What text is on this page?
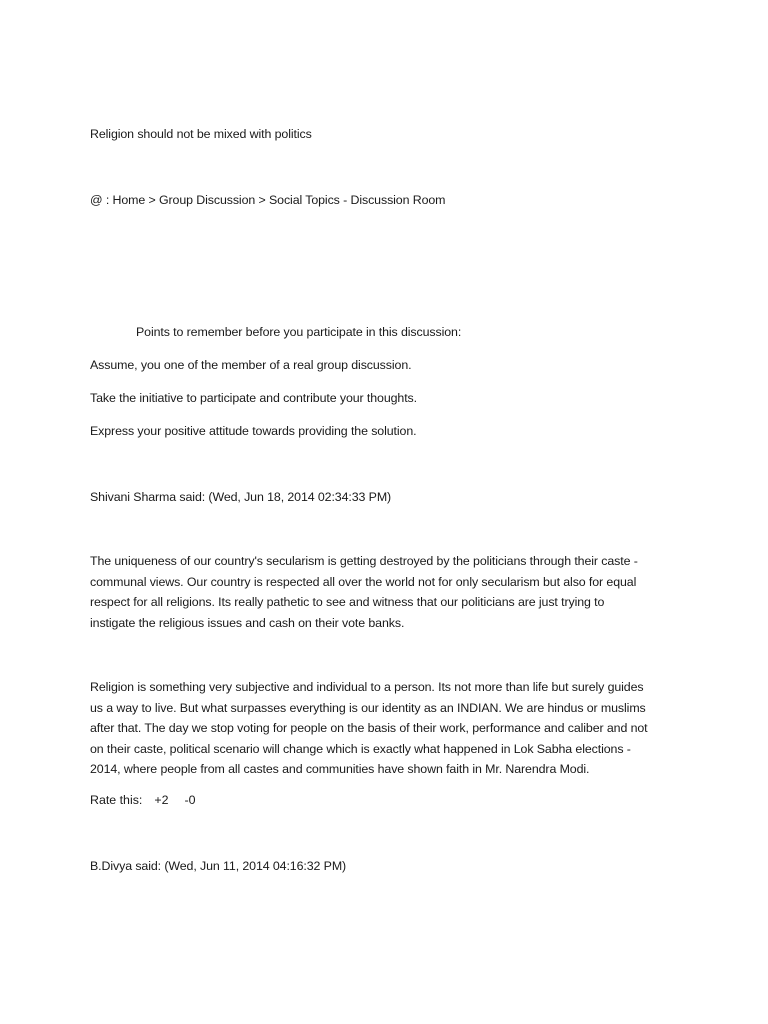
Religion should not be mixed with politics
@ : Home > Group Discussion > Social Topics - Discussion Room
Points to remember before you participate in this discussion:
Assume, you one of the member of a real group discussion.
Take the initiative to participate and contribute your thoughts.
Express your positive attitude towards providing the solution.
Shivani Sharma said: (Wed, Jun 18, 2014 02:34:33 PM)
The uniqueness of our country's secularism is getting destroyed by the politicians through their caste - communal views. Our country is respected all over the world not for only secularism but also for equal respect for all religions. Its really pathetic to see and witness that our politicians are just trying to instigate the religious issues and cash on their vote banks.
Religion is something very subjective and individual to a person. Its not more than life but surely guides us a way to live. But what surpasses everything is our identity as an INDIAN. We are hindus or muslims after that. The day we stop voting for people on the basis of their work, performance and caliber and not on their caste, political scenario will change which is exactly what happened in Lok Sabha elections - 2014, where people from all castes and communities have shown faith in Mr. Narendra Modi.
Rate this: +2 -0
B.Divya said: (Wed, Jun 11, 2014 04:16:32 PM)
